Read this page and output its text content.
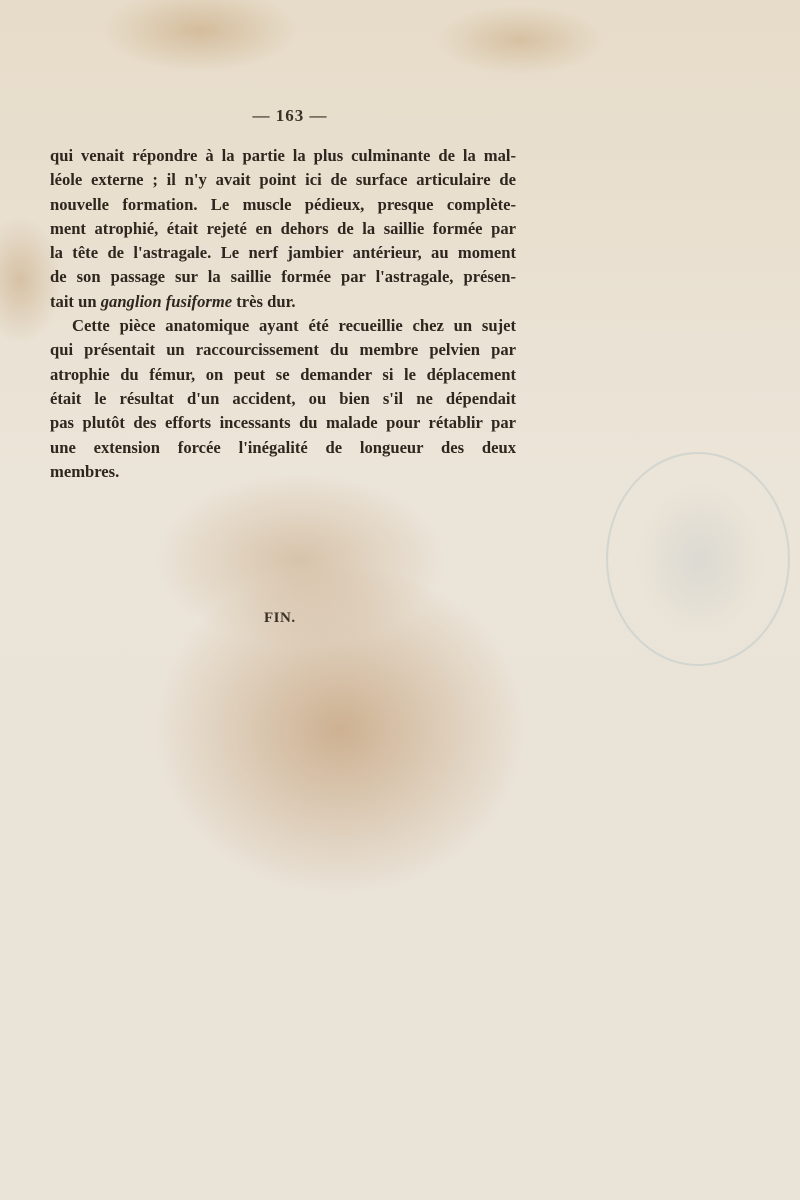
— 163 —

qui venait répondre à la partie la plus culminante de la mal-
léole externe ; il n'y avait point ici de surface articulaire de
nouvelle formation. Le muscle pédieux, presque complète-
ment atrophié, était rejeté en dehors de la saillie formée par
la tête de l'astragale. Le nerf jambier antérieur, au moment
de son passage sur la saillie formée par l'astragale, présen-
tait un ganglion fusiforme très dur.

Cette pièce anatomique ayant été recueillie chez un sujet
qui présentait un raccourcissement du membre pelvien par
atrophie du fémur, on peut se demander si le déplacement
était le résultat d'un accident, ou bien s'il ne dépendait
pas plutôt des efforts incessants du malade pour rétablir par
une extension forcée l'inégalité de longueur des deux
membres.

FIN.
